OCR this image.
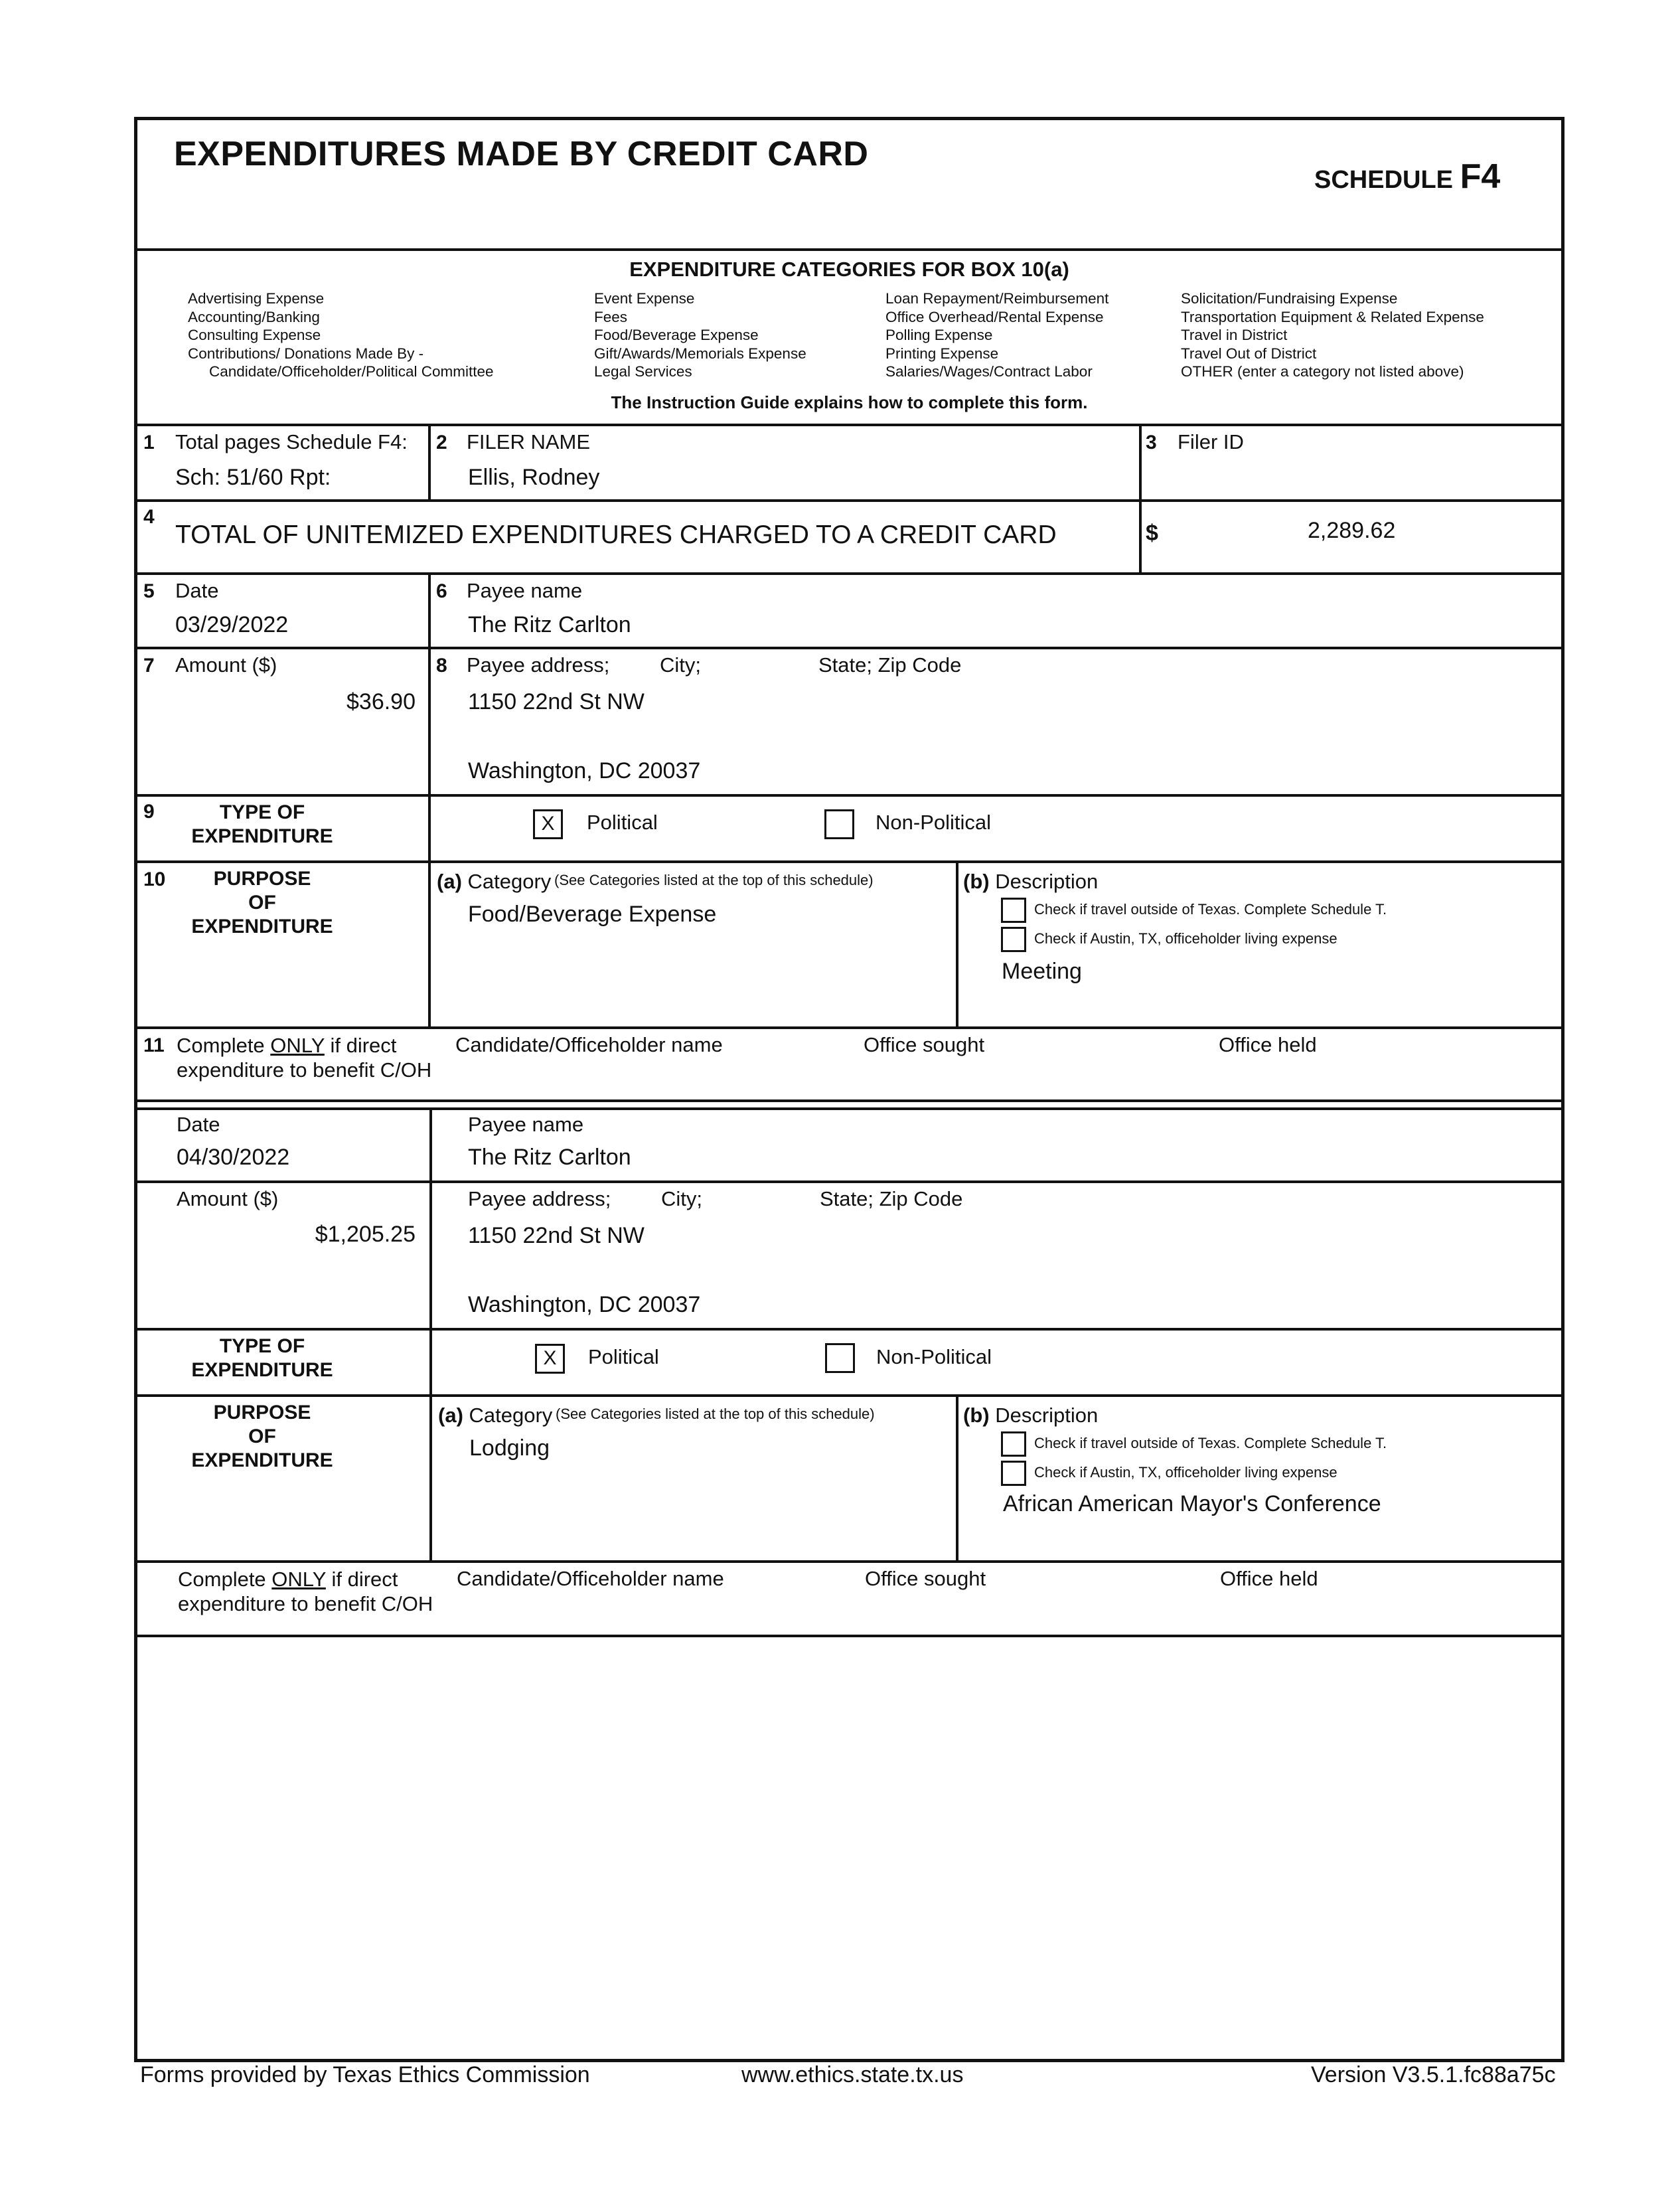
EXPENDITURES MADE BY CREDIT CARD
SCHEDULE F4
EXPENDITURE CATEGORIES FOR BOX 10(a)
Advertising Expense
Accounting/Banking
Consulting Expense
Contributions/ Donations Made By -
Candidate/Officeholder/Political Committee
Event Expense
Fees
Food/Beverage Expense
Gift/Awards/Memorials Expense
Legal Services
Loan Repayment/Reimbursement
Office Overhead/Rental Expense
Polling Expense
Printing Expense
Salaries/Wages/Contract Labor
Solicitation/Fundraising Expense
Transportation Equipment & Related Expense
Travel in District
Travel Out of District
OTHER (enter a category not listed above)
The Instruction Guide explains how to complete this form.
1 Total pages Schedule F4:
Sch: 51/60 Rpt:
2 FILER NAME
Ellis, Rodney
3 Filer ID
4
TOTAL OF UNITEMIZED EXPENDITURES CHARGED TO A CREDIT CARD	$	2,289.62
5 Date
03/29/2022
6 Payee name
The Ritz Carlton
7 Amount ($)
$36.90
8 Payee address; City;	State; Zip Code
1150 22nd St NW
Washington, DC 20037
9	TYPE OF
EXPENDITURE
X	Political	Non-Political
10	PURPOSE
OF
EXPENDITURE
(a) Category (See Categories listed at the top of this schedule)
Food/Beverage Expense
(b) Description
Check if travel outside of Texas. Complete Schedule T.
Check if Austin, TX, officeholder living expense
Meeting
11 Complete ONLY if direct
expenditure to benefit C/OH
Candidate/Officeholder name	Office sought	Office held
Date
04/30/2022
Payee name
The Ritz Carlton
Amount ($)
$1,205.25
Payee address; City;	State; Zip Code
1150 22nd St NW
Washington, DC 20037
TYPE OF
EXPENDITURE
X	Political	Non-Political
PURPOSE
OF
EXPENDITURE
(a) Category (See Categories listed at the top of this schedule)
Lodging
(b) Description
Check if travel outside of Texas. Complete Schedule T.
Check if Austin, TX, officeholder living expense
African American Mayor's Conference
Complete ONLY if direct
expenditure to benefit C/OH
Candidate/Officeholder name	Office sought	Office held
Forms provided by Texas Ethics Commission	www.ethics.state.tx.us	Version V3.5.1.fc88a75c
